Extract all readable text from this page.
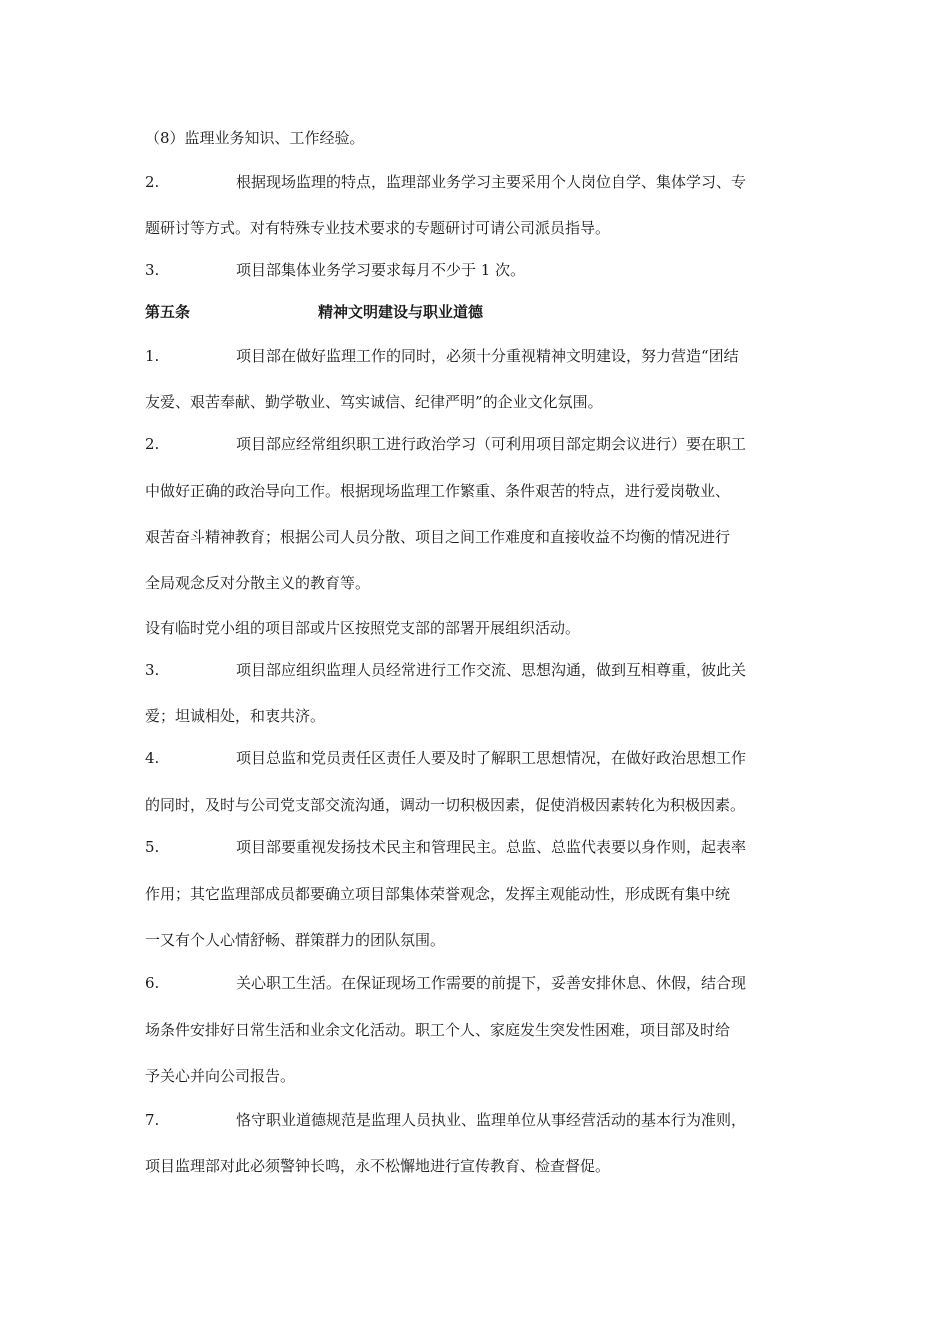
（8）监理业务知识、工作经验。
2.	根据现场监理的特点，监理部业务学习主要采用个人岗位自学、集体学习、专
题研讨等方式。对有特殊专业技术要求的专题研讨可请公司派员指导。
3.	项目部集体业务学习要求每月不少于 1 次。
第五条	精神文明建设与职业道德
1.	项目部在做好监理工作的同时，必须十分重视精神文明建设，努力营造“团结
友爱、艰苦奉献、勤学敬业、笃实诚信、纪律严明”的企业文化氛围。
2.	项目部应经常组织职工进行政治学习（可利用项目部定期会议进行）要在职工
中做好正确的政治导向工作。根据现场监理工作繁重、条件艰苦的特点，进行爱岗敬业、
艰苦奋斗精神教育；根据公司人员分散、项目之间工作难度和直接收益不均衡的情况进行
全局观念反对分散主义的教育等。
设有临时党小组的项目部或片区按照党支部的部署开展组织活动。
3.	项目部应组织监理人员经常进行工作交流、思想沟通，做到互相尊重，彼此关
爱；坦诚相处，和衷共济。
4.	项目总监和党员责任区责任人要及时了解职工思想情况，在做好政治思想工作
的同时，及时与公司党支部交流沟通，调动一切积极因素，促使消极因素转化为积极因素。
5.	项目部要重视发扬技术民主和管理民主。总监、总监代表要以身作则，起表率
作用；其它监理部成员都要确立项目部集体荣誉观念，发挥主观能动性，形成既有集中统
一又有个人心情舒畅、群策群力的团队氛围。
6.	关心职工生活。在保证现场工作需要的前提下，妥善安排休息、休假，结合现
场条件安排好日常生活和业余文化活动。职工个人、家庭发生突发性困难，项目部及时给
予关心并向公司报告。
7.	恪守职业道德规范是监理人员执业、监理单位从事经营活动的基本行为准则，
项目监理部对此必须警钟长鸣，永不松懈地进行宣传教育、检查督促。
